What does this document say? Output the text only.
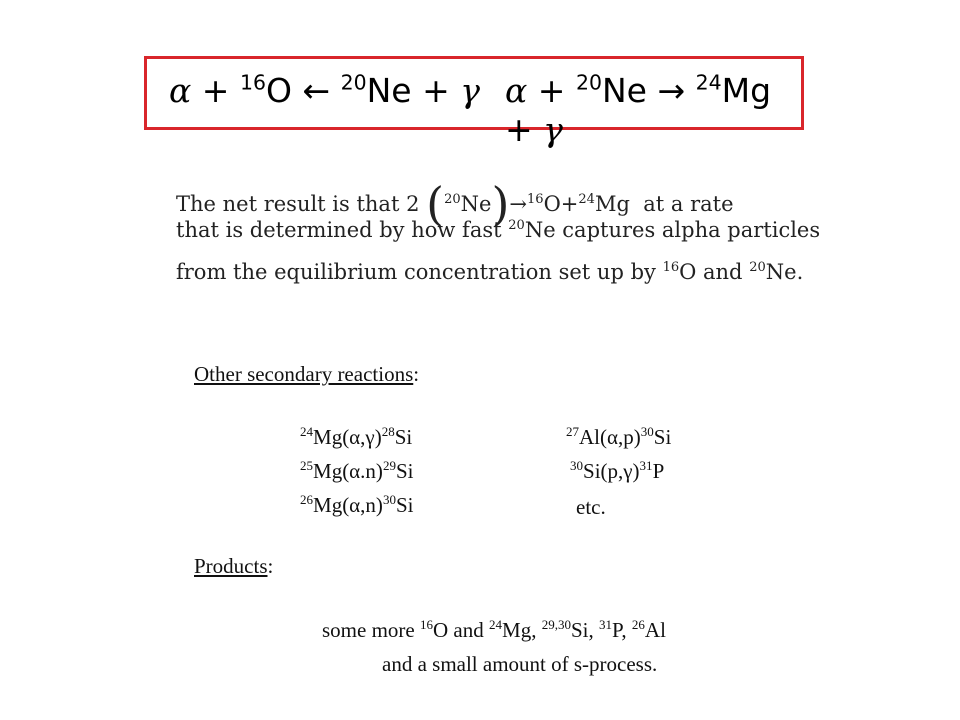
α + $^{16}$O ← $^{20}$Ne + γ α + $^{20}$Ne → $^{24}$Mg + γ
The net result is that 2 ($^{20}$Ne)→$^{16}$O+$^{24}$Mg at a rate
that is determined by how fast $^{20}$Ne captures alpha particles
from the equilibrium concentration set up by $^{16}$O and $^{20}$Ne.
Other secondary reactions:
$^{24}Mg(\alpha,\gamma)^{28}Si$
$^{25}Mg(\alpha.n)^{29}Si$
$^{26}Mg(\alpha,n)^{30}Si$
$^{27}Al(\alpha,p)^{30}Si$
$^{30}Si(p,\gamma)^{31}P$
etc.
Products:
some more $^{16}$O and $^{24}$Mg, $^{29,30}$Si, $^{31}$P, $^{26}$Al
and a small amount of s-process.
